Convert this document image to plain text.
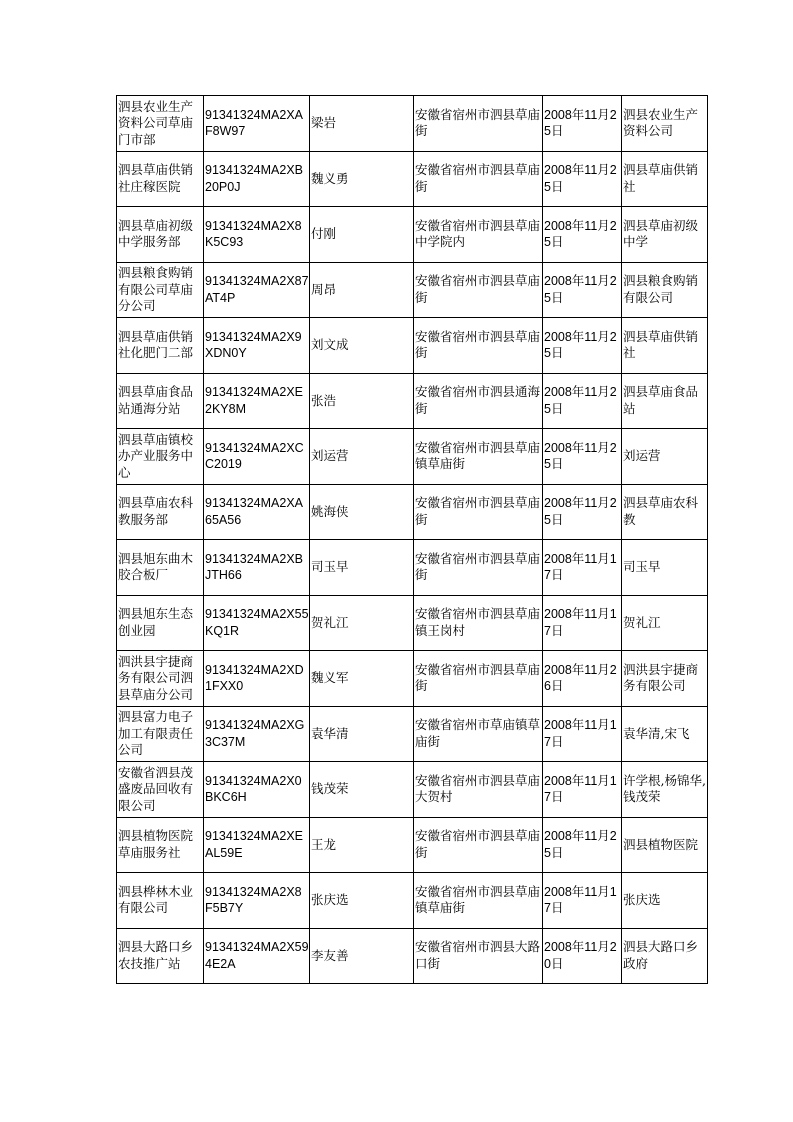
泗县农业生产资料公司草庙门市部	91341324MA2XAF8W97	梁岩	安徽省宿州市泗县草庙街	2008年11月25日	泗县农业生产资料公司
泗县草庙供销社庄稼医院	91341324MA2XB20P0J	魏义勇	安徽省宿州市泗县草庙街	2008年11月25日	泗县草庙供销社
泗县草庙初级中学服务部	91341324MA2X8K5C93	付刚	安徽省宿州市泗县草庙中学院内	2008年11月25日	泗县草庙初级中学
泗县粮食购销有限公司草庙分公司	91341324MA2X87AT4P	周昂	安徽省宿州市泗县草庙街	2008年11月25日	泗县粮食购销有限公司
泗县草庙供销社化肥门二部	91341324MA2X9XDN0Y	刘文成	安徽省宿州市泗县草庙街	2008年11月25日	泗县草庙供销社
泗县草庙食品站通海分站	91341324MA2XE2KY8M	张浩	安徽省宿州市泗县通海街	2008年11月25日	泗县草庙食品站
泗县草庙镇校办产业服务中心	91341324MA2XCC2019	刘运营	安徽省宿州市泗县草庙镇草庙街	2008年11月25日	刘运营
泗县草庙农科教服务部	91341324MA2XA65A56	姚海侠	安徽省宿州市泗县草庙街	2008年11月25日	泗县草庙农科教
泗县旭东曲木胶合板厂	91341324MA2XBJTH66	司玉早	安徽省宿州市泗县草庙街	2008年11月17日	司玉早
泗县旭东生态创业园	91341324MA2X55KQ1R	贺礼江	安徽省宿州市泗县草庙镇王岗村	2008年11月17日	贺礼江
泗洪县宇捷商务有限公司泗县草庙分公司	91341324MA2XD1FXX0	魏义军	安徽省宿州市泗县草庙街	2008年11月26日	泗洪县宇捷商务有限公司
泗县富力电子加工有限责任公司	91341324MA2XG3C37M	袁华清	安徽省宿州市草庙镇草庙街	2008年11月17日	袁华清,宋飞
安徽省泗县茂盛废品回收有限公司	91341324MA2X0BKC6H	钱茂荣	安徽省宿州市泗县草庙大贺村	2008年11月17日	许学根,杨锦华,钱茂荣
泗县植物医院草庙服务社	91341324MA2XEAL59E	王龙	安徽省宿州市泗县草庙街	2008年11月25日	泗县植物医院
泗县桦林木业有限公司	91341324MA2X8F5B7Y	张庆选	安徽省宿州市泗县草庙镇草庙街	2008年11月17日	张庆选
泗县大路口乡农技推广站	91341324MA2X594E2A	李友善	安徽省宿州市泗县大路口街	2008年11月20日	泗县大路口乡政府
